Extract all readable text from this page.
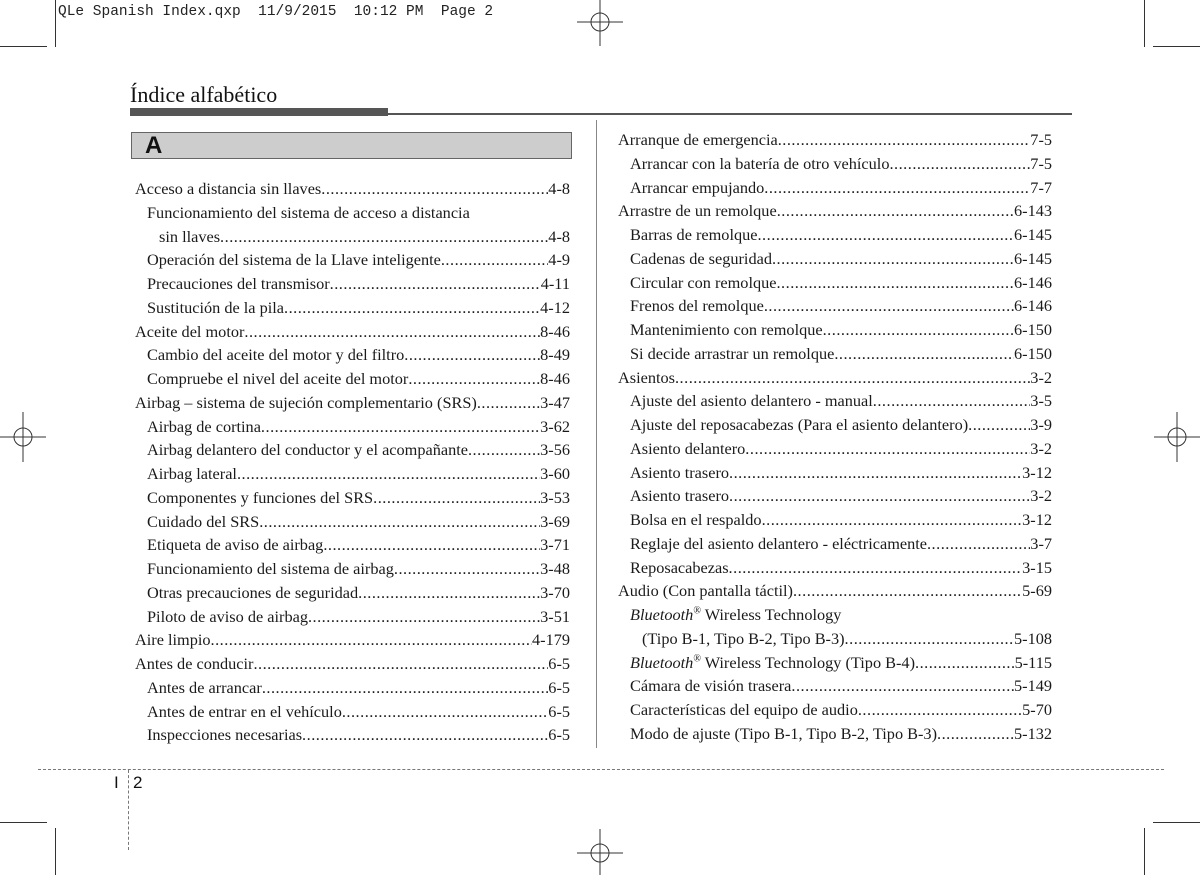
QLe Spanish Index.qxp  11/9/2015  10:12 PM  Page 2
Índice alfabético
A
Acceso a distancia sin llaves .....	4-8
Funcionamiento del sistema de acceso a distancia
sin llaves .....	4-8
Operación del sistema de la Llave inteligente .....	4-9
Precauciones del transmisor .....	4-11
Sustitución de la pila .....	4-12
Aceite del motor .....	8-46
Cambio del aceite del motor y del filtro .....	8-49
Compruebe el nivel del aceite del motor .....	8-46
Airbag – sistema de sujeción complementario (SRS) .....	3-47
Airbag de cortina .....	3-62
Airbag delantero del conductor y el acompañante .....	3-56
Airbag lateral .....	3-60
Componentes y funciones del SRS .....	3-53
Cuidado del SRS .....	3-69
Etiqueta de aviso de airbag .....	3-71
Funcionamiento del sistema de airbag .....	3-48
Otras precauciones de seguridad .....	3-70
Piloto de aviso de airbag .....	3-51
Aire limpio .....	4-179
Antes de conducir .....	6-5
Antes de arrancar .....	6-5
Antes de entrar en el vehículo .....	6-5
Inspecciones necesarias .....	6-5
Arranque de emergencia .....	7-5
Arrancar con la batería de otro vehículo .....	7-5
Arrancar empujando .....	7-7
Arrastre de un remolque .....	6-143
Barras de remolque .....	6-145
Cadenas de seguridad .....	6-145
Circular con remolque .....	6-146
Frenos del remolque .....	6-146
Mantenimiento con remolque .....	6-150
Si decide arrastrar un remolque .....	6-150
Asientos .....	3-2
Ajuste del asiento delantero - manual .....	3-5
Ajuste del reposacabezas (Para el asiento delantero) .....	3-9
Asiento delantero .....	3-2
Asiento trasero .....	3-12
Asiento trasero .....	3-2
Bolsa en el respaldo .....	3-12
Reglaje del asiento delantero - eléctricamente .....	3-7
Reposacabezas .....	3-15
Audio (Con pantalla táctil) .....	5-69
Bluetooth® Wireless Technology
(Tipo B-1, Tipo B-2, Tipo B-3) .....	5-108
Bluetooth® Wireless Technology (Tipo B-4) .....	5-115
Cámara de visión trasera .....	5-149
Características del equipo de audio .....	5-70
Modo de ajuste (Tipo B-1, Tipo B-2, Tipo B-3) .....	5-132
I 2
